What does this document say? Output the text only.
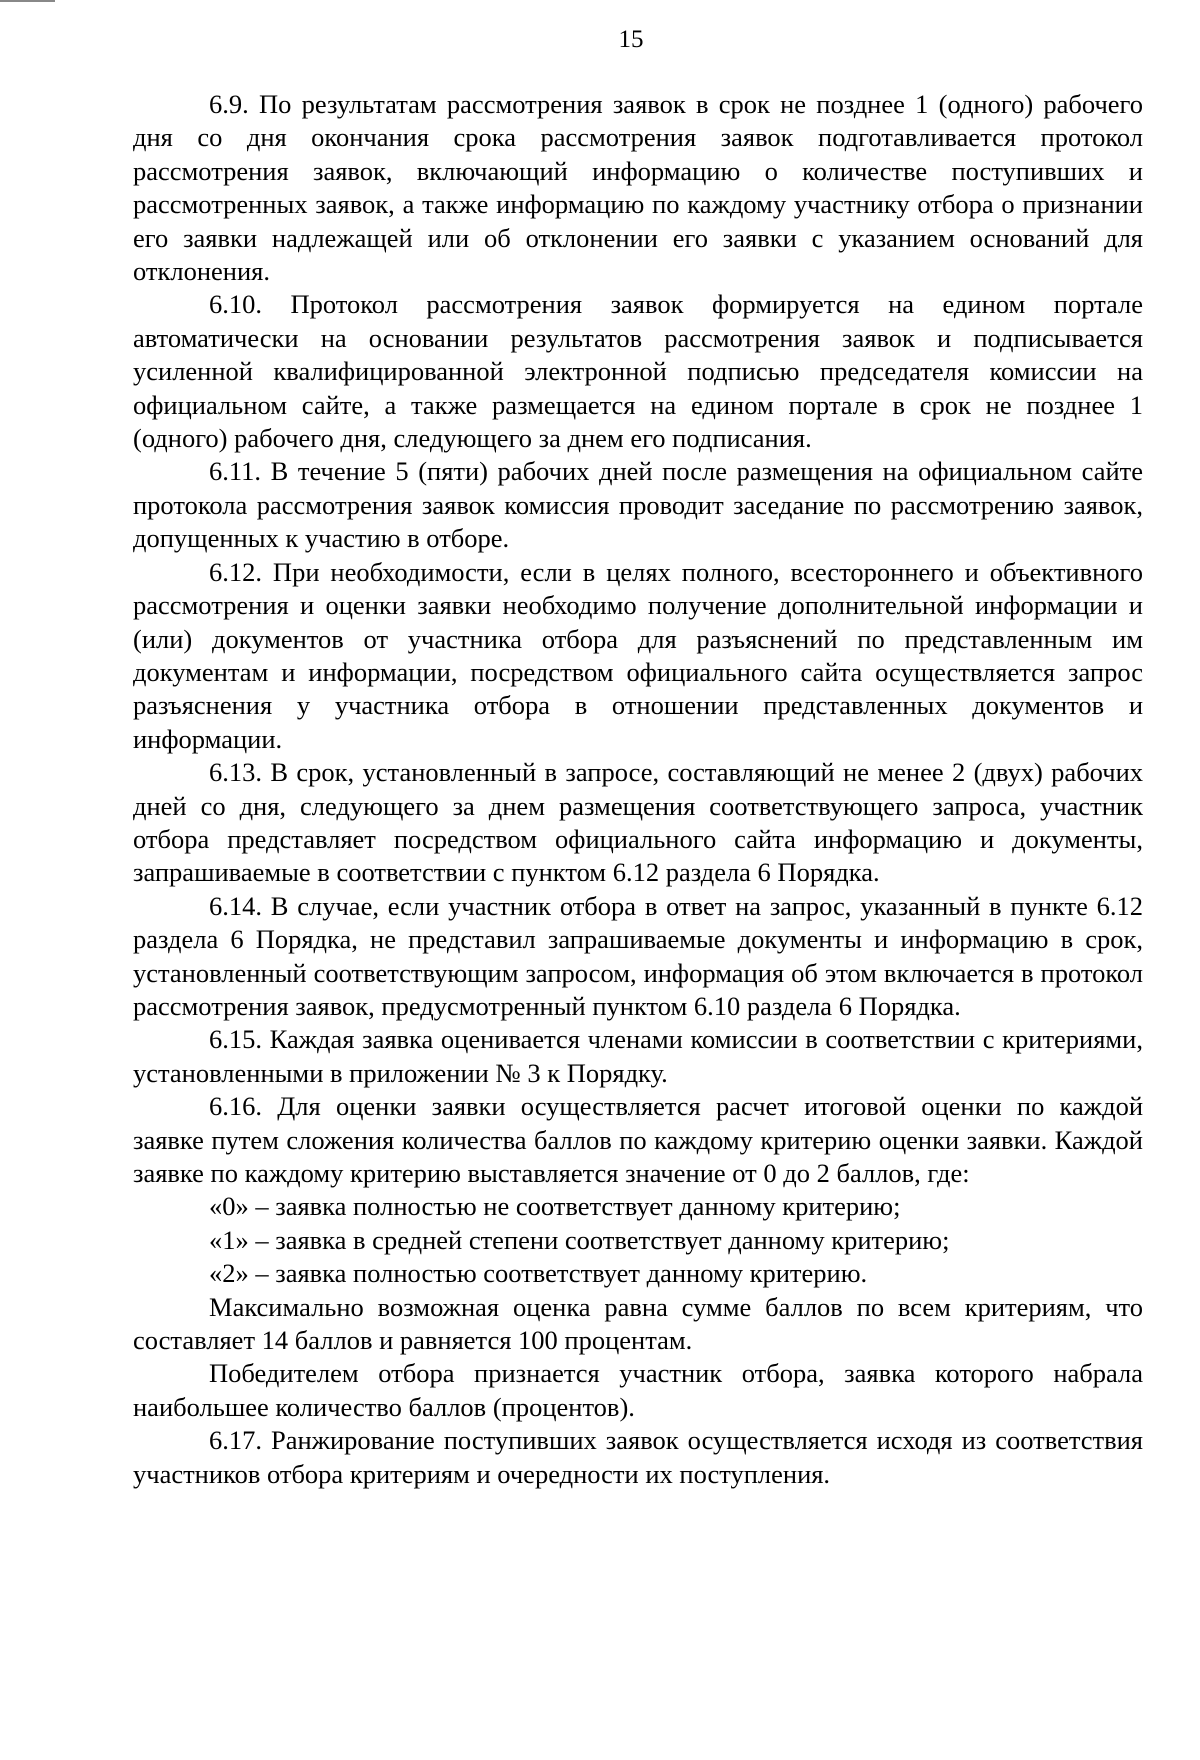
15

6.9. По результатам рассмотрения заявок в срок не позднее 1 (одного) рабочего дня со дня окончания срока рассмотрения заявок подготавливается протокол рассмотрения заявок, включающий информацию о количестве поступивших и рассмотренных заявок, а также информацию по каждому участнику отбора о признании его заявки надлежащей или об отклонении его заявки с указанием оснований для отклонения.

6.10. Протокол рассмотрения заявок формируется на едином портале автоматически на основании результатов рассмотрения заявок и подписывается усиленной квалифицированной электронной подписью председателя комиссии на официальном сайте, а также размещается на едином портале в срок не позднее 1 (одного) рабочего дня, следующего за днем его подписания.

6.11. В течение 5 (пяти) рабочих дней после размещения на официальном сайте протокола рассмотрения заявок комиссия проводит заседание по рассмотрению заявок, допущенных к участию в отборе.

6.12. При необходимости, если в целях полного, всестороннего и объективного рассмотрения и оценки заявки необходимо получение дополнительной информации и (или) документов от участника отбора для разъяснений по представленным им документам и информации, посредством официального сайта осуществляется запрос разъяснения у участника отбора в отношении представленных документов и информации.

6.13. В срок, установленный в запросе, составляющий не менее 2 (двух) рабочих дней со дня, следующего за днем размещения соответствующего запроса, участник отбора представляет посредством официального сайта информацию и документы, запрашиваемые в соответствии с пунктом 6.12 раздела 6 Порядка.

6.14. В случае, если участник отбора в ответ на запрос, указанный в пункте 6.12 раздела 6 Порядка, не представил запрашиваемые документы и информацию в срок, установленный соответствующим запросом, информация об этом включается в протокол рассмотрения заявок, предусмотренный пунктом 6.10 раздела 6 Порядка.

6.15. Каждая заявка оценивается членами комиссии в соответствии с критериями, установленными в приложении № 3 к Порядку.

6.16. Для оценки заявки осуществляется расчет итоговой оценки по каждой заявке путем сложения количества баллов по каждому критерию оценки заявки. Каждой заявке по каждому критерию выставляется значение от 0 до 2 баллов, где:

«0» – заявка полностью не соответствует данному критерию;

«1» – заявка в средней степени соответствует данному критерию;

«2» – заявка полностью соответствует данному критерию.

Максимально возможная оценка равна сумме баллов по всем критериям, что составляет 14 баллов и равняется 100 процентам.

Победителем отбора признается участник отбора, заявка которого набрала наибольшее количество баллов (процентов).

6.17. Ранжирование поступивших заявок осуществляется исходя из соответствия участников отбора критериям и очередности их поступления.
